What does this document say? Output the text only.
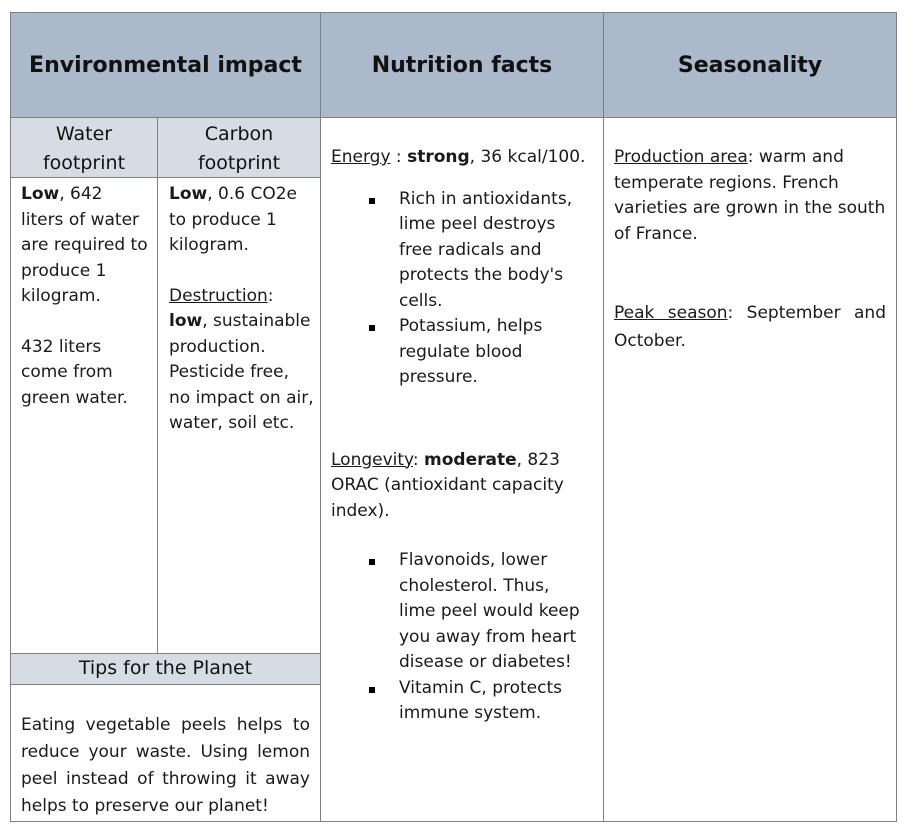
Environmental impact	Nutrition facts	Seasonality
Water
footprint
Carbon
footprint
Low, 642 liters of water are required to produce 1 kilogram.
432 liters come from green water.
Low, 0.6 CO2e to produce 1 kilogram.
Destruction:
low, sustainable production. Pesticide free, no impact on air, water, soil etc.
Tips for the Planet
Eating vegetable peels helps to reduce your waste. Using lemon peel instead of throwing it away helps to preserve our planet!
Energy : strong, 36 kcal/100.
Rich in antioxidants, lime peel destroys free radicals and protects the body's cells.
Potassium, helps regulate blood pressure.
Longevity: moderate, 823 ORAC (antioxidant capacity index).
Flavonoids, lower cholesterol. Thus, lime peel would keep you away from heart disease or diabetes!
Vitamin C, protects immune system.
Production area: warm and temperate regions. French varieties are grown in the south of France.
Peak season: September and October.
